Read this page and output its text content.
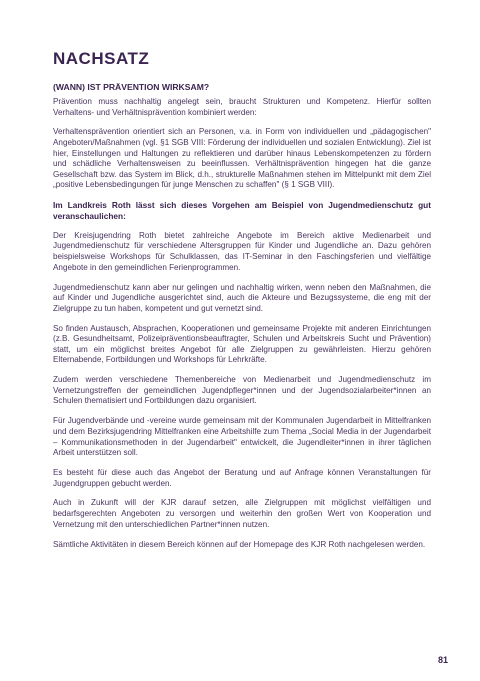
NACHSATZ
(WANN) IST PRÄVENTION WIRKSAM?

Prävention muss nachhaltig angelegt sein, braucht Strukturen und Kompetenz. Hierfür sollten Verhaltens- und Verhältnisprävention kombiniert werden:

Verhaltensprävention orientiert sich an Personen, v.a. in Form von individuellen und „pädagogischen" Angeboten/Maßnahmen (vgl. §1 SGB VIII: Förderung der individuellen und sozialen Entwicklung). Ziel ist hier, Einstellungen und Haltungen zu reflektieren und darüber hinaus Lebenskompetenzen zu fördern und schädliche Verhaltensweisen zu beeinflussen. Verhältnisprävention hingegen hat die ganze Gesellschaft bzw. das System im Blick, d.h., strukturelle Maßnahmen stehen im Mittelpunkt mit dem Ziel „positive Lebensbedingungen für junge Menschen zu schaffen" (§ 1 SGB VIII).

Im Landkreis Roth lässt sich dieses Vorgehen am Beispiel von Jugendmedienschutz gut veranschaulichen:

Der Kreisjugendring Roth bietet zahlreiche Angebote im Bereich aktive Medienarbeit und Jugendmedienschutz für verschiedene Altersgruppen für Kinder und Jugendliche an. Dazu gehören beispielsweise Workshops für Schulklassen, das IT-Seminar in den Faschingsferien und vielfältige Angebote in den gemeindlichen Ferienprogrammen.

Jugendmedienschutz kann aber nur gelingen und nachhaltig wirken, wenn neben den Maßnahmen, die auf Kinder und Jugendliche ausgerichtet sind, auch die Akteure und Bezugssysteme, die eng mit der Zielgruppe zu tun haben, kompetent und gut vernetzt sind.

So finden Austausch, Absprachen, Kooperationen und gemeinsame Projekte mit anderen Einrichtungen (z.B. Gesundheitsamt, Polizeipräventionsbeauftragter, Schulen und Arbeitskreis Sucht und Prävention) statt, um ein möglichst breites Angebot für alle Zielgruppen zu gewährleisten. Hierzu gehören Elternabende, Fortbildungen und Workshops für Lehrkräfte.

Zudem werden verschiedene Themenbereiche von Medienarbeit und Jugendmedienschutz im Vernetzungstreffen der gemeindlichen Jugendpfleger*innen und der Jugendsozialarbeiter*innen an Schulen thematisiert und Fortbildungen dazu organisiert.

Für Jugendverbände und -vereine wurde gemeinsam mit der Kommunalen Jugendarbeit in Mittelfranken und dem Bezirksjugendring Mittelfranken eine Arbeitshilfe zum Thema „Social Media in der Jugendarbeit – Kommunikationsmethoden in der Jugendarbeit" entwickelt, die Jugendleiter*innen in ihrer täglichen Arbeit unterstützen soll.

Es besteht für diese auch das Angebot der Beratung und auf Anfrage können Veranstaltungen für Jugendgruppen gebucht werden.

Auch in Zukunft will der KJR darauf setzen, alle Zielgruppen mit möglichst vielfältigen und bedarfsgerechten Angeboten zu versorgen und weiterhin den großen Wert von Kooperation und Vernetzung mit den unterschiedlichen Partner*innen nutzen.

Sämtliche Aktivitäten in diesem Bereich können auf der Homepage des KJR Roth nachgelesen werden.

81
